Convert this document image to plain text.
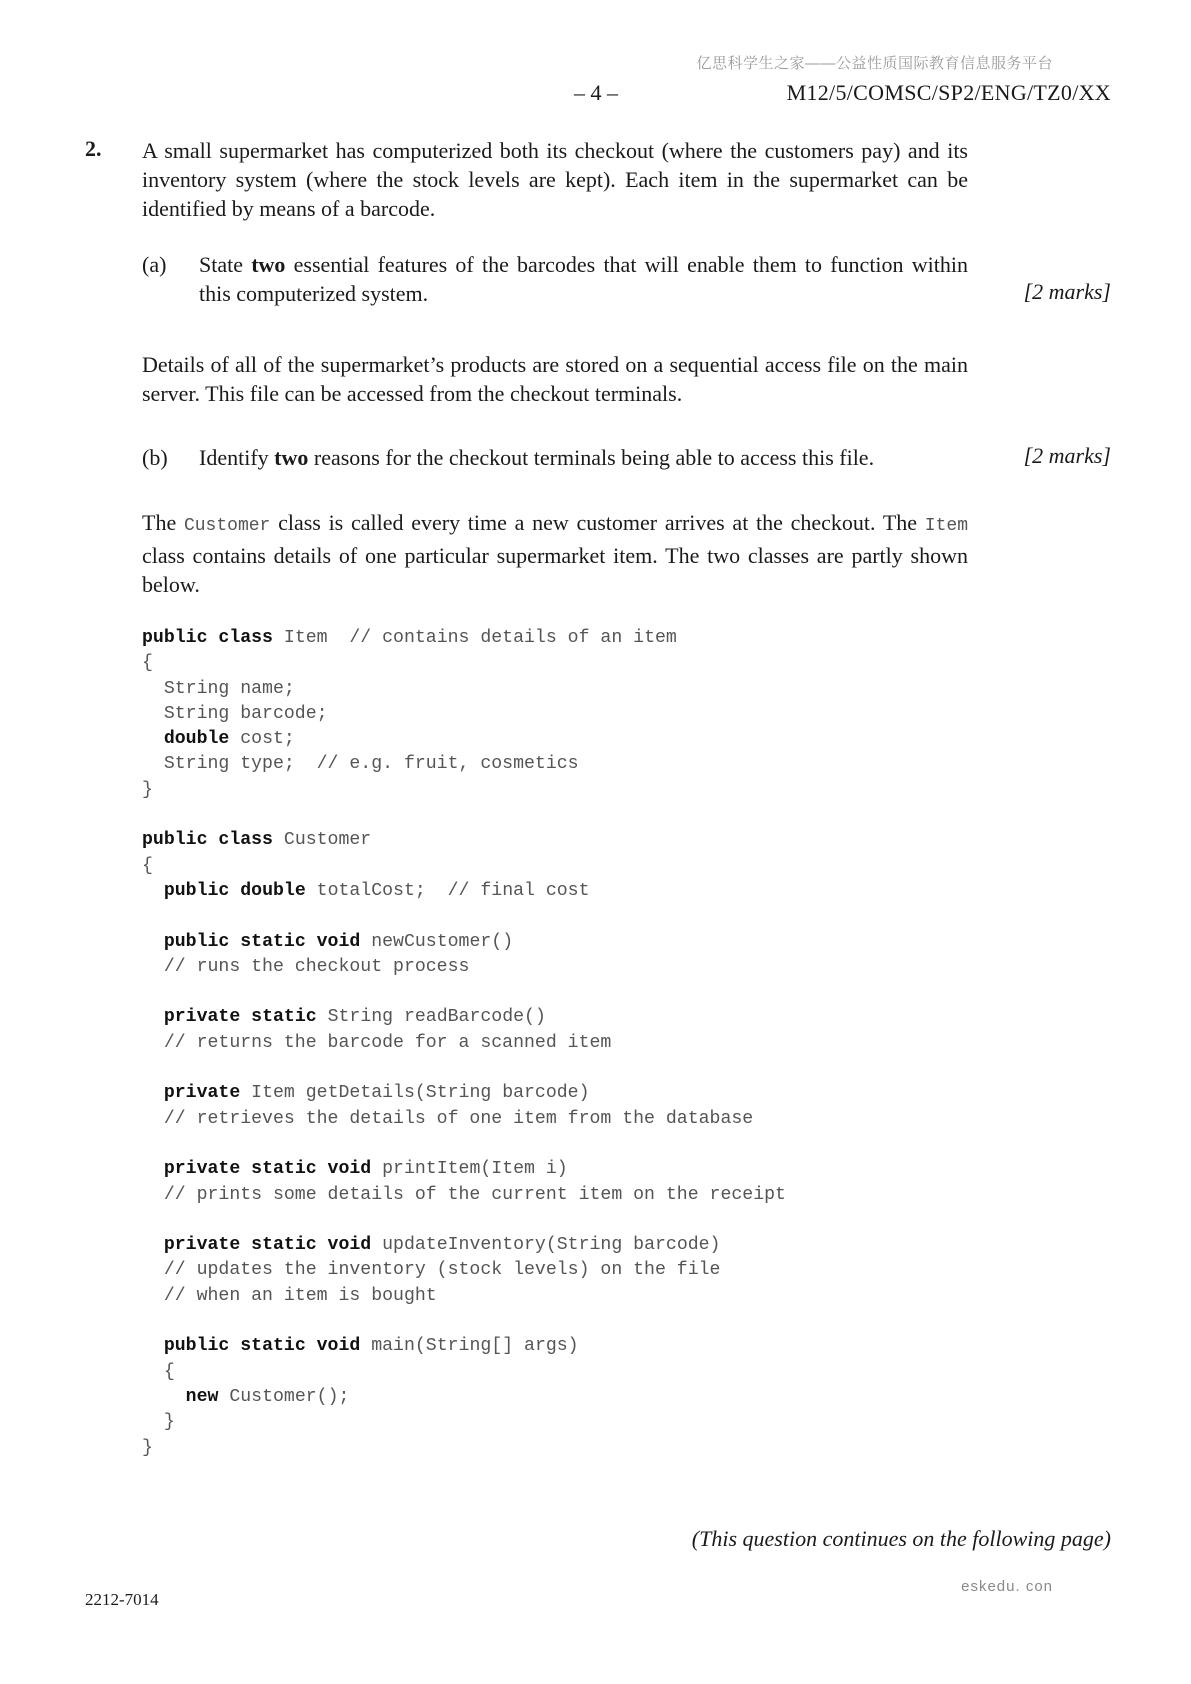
亿思科学生之家——公益性质国际教育信息服务平台
– 4 –	M12/5/COMSC/SP2/ENG/TZ0/XX
2. A small supermarket has computerized both its checkout (where the customers pay) and its inventory system (where the stock levels are kept). Each item in the supermarket can be identified by means of a barcode.
(a) State two essential features of the barcodes that will enable them to function within this computerized system.	[2 marks]
Details of all of the supermarket’s products are stored on a sequential access file on the main server. This file can be accessed from the checkout terminals.
(b) Identify two reasons for the checkout terminals being able to access this file.	[2 marks]
The Customer class is called every time a new customer arrives at the checkout. The Item class contains details of one particular supermarket item. The two classes are partly shown below.
public class Item  // contains details of an item
{
String name;
String barcode;
double cost;
String type;  // e.g. fruit, cosmetics
}
public class Customer
{
public double totalCost;  // final cost
public static void newCustomer()
// runs the checkout process
private static String readBarcode()
// returns the barcode for a scanned item
private Item getDetails(String barcode)
// retrieves the details of one item from the database
private static void printItem(Item i)
// prints some details of the current item on the receipt
private static void updateInventory(String barcode)
// updates the inventory (stock levels) on the file
// when an item is bought
public static void main(String[] args)
{
new Customer();
}
}
(This question continues on the following page)
2212-7014
eskedu. con
